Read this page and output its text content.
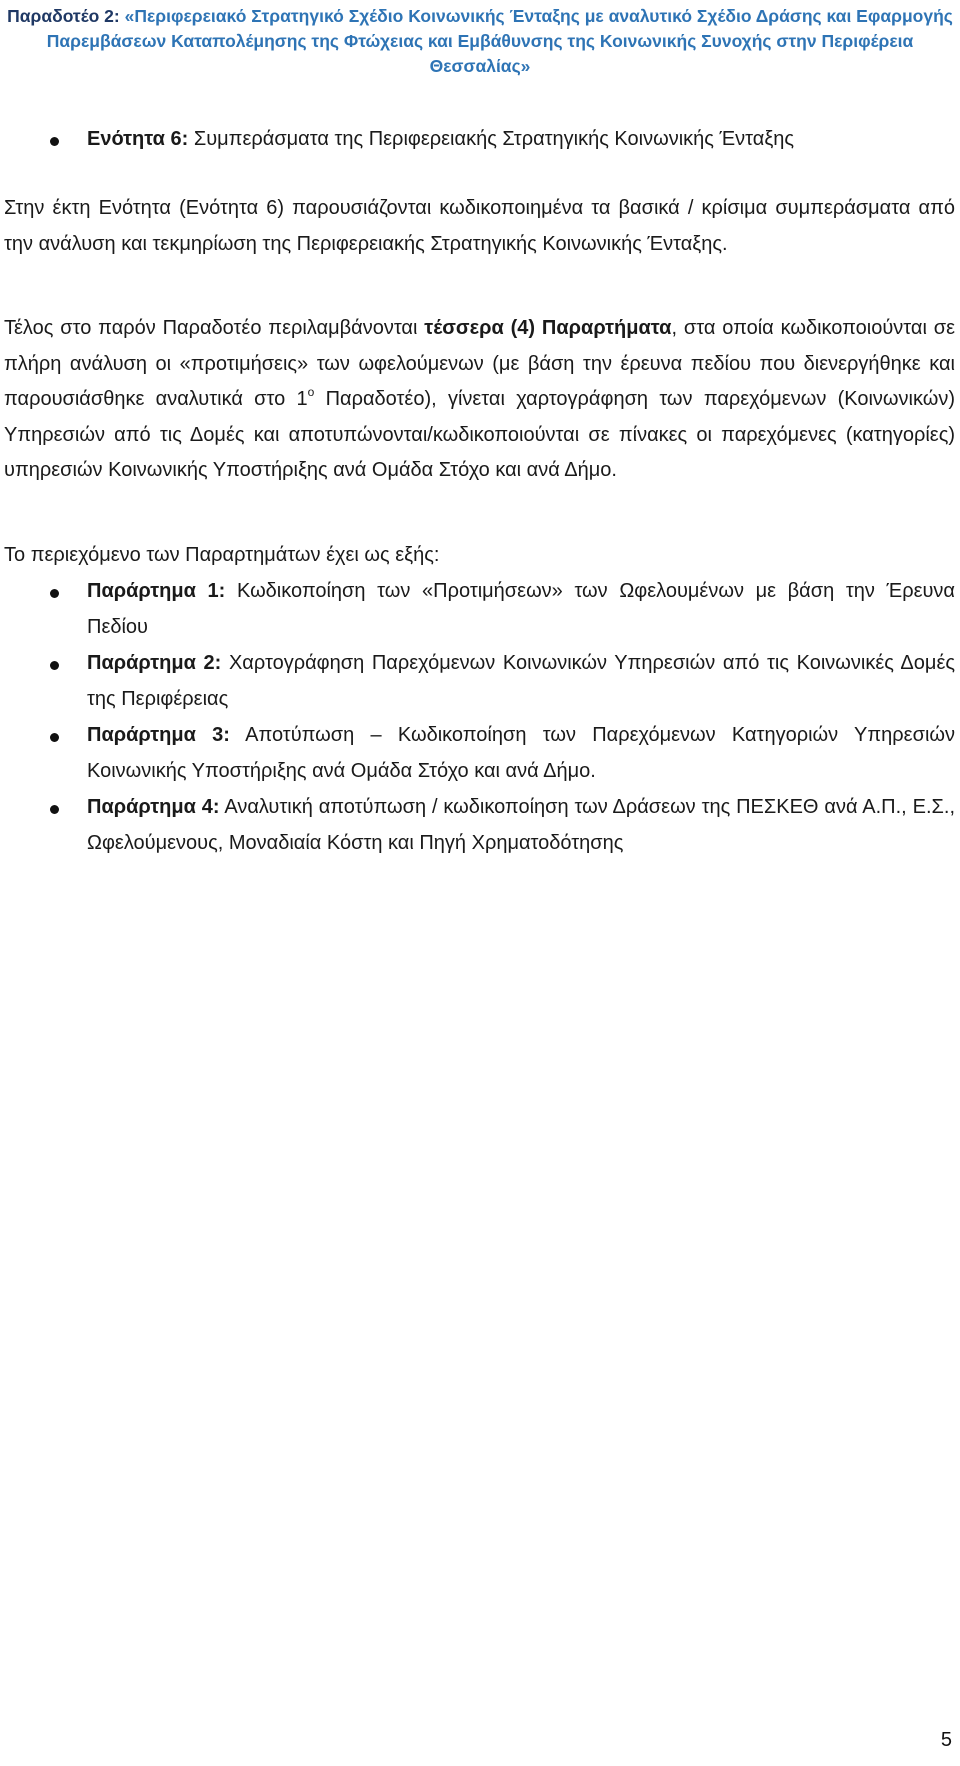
Παραδοτέο 2: «Περιφερειακό Στρατηγικό Σχέδιο Κοινωνικής Ένταξης με αναλυτικό Σχέδιο Δράσης και Εφαρμογής Παρεμβάσεων Καταπολέμησης της Φτώχειας και Εμβάθυνσης της Κοινωνικής Συνοχής στην Περιφέρεια Θεσσαλίας»
Ενότητα 6: Συμπεράσματα της Περιφερειακής Στρατηγικής Κοινωνικής Ένταξης
Στην έκτη Ενότητα (Ενότητα 6) παρουσιάζονται κωδικοποιημένα τα βασικά / κρίσιμα συμπεράσματα από την ανάλυση και τεκμηρίωση της Περιφερειακής Στρατηγικής Κοινωνικής Ένταξης.
Τέλος στο παρόν Παραδοτέο περιλαμβάνονται τέσσερα (4) Παραρτήματα, στα οποία κωδικοποιούνται σε πλήρη ανάλυση οι «προτιμήσεις» των ωφελούμενων (με βάση την έρευνα πεδίου που διενεργήθηκε και παρουσιάσθηκε αναλυτικά στο $1^o$ Παραδοτέο), γίνεται χαρτογράφηση των παρεχόμενων (Κοινωνικών) Υπηρεσιών από τις Δομές και αποτυπώνονται/κωδικοποιούνται σε πίνακες οι παρεχόμενες (κατηγορίες) υπηρεσιών Κοινωνικής Υποστήριξης ανά Ομάδα Στόχο και ανά Δήμο.
Το περιεχόμενο των Παραρτημάτων έχει ως εξής:
Παράρτημα 1: Κωδικοποίηση των «Προτιμήσεων» των Ωφελουμένων με βάση την Έρευνα Πεδίου
Παράρτημα 2: Χαρτογράφηση Παρεχόμενων Κοινωνικών Υπηρεσιών από τις Κοινωνικές Δομές της Περιφέρειας
Παράρτημα 3: Αποτύπωση – Κωδικοποίηση των Παρεχόμενων Κατηγοριών Υπηρεσιών Κοινωνικής Υποστήριξης ανά Ομάδα Στόχο και ανά Δήμο.
Παράρτημα 4: Αναλυτική αποτύπωση / κωδικοποίηση των Δράσεων της ΠΕΣΚΕΘ ανά Α.Π., Ε.Σ., Ωφελούμενους, Μοναδιαία Κόστη και Πηγή Χρηματοδότησης
5
